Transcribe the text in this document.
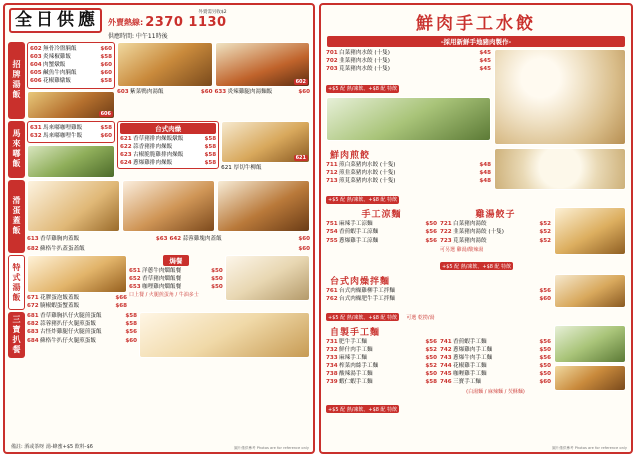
全 日 供 應	外賣需另收$2
外賣熱線: 2370 1130
供應時間: 中午11時後
招牌湯飯
602 無骨冷盤腩飯	$60
603 炎辣椒雞飯	$58
604 肉蟹燉飯	$60
605 鹹魚牛肉腩飯	$60
606 花椒雞燉飯	$58
606
603 紫菜鴨肉湯飯	$60
602
633 炎辣雞腿肉湯麵飯	$60
馬來嘟飯
631 馬來嘟咖哩雞飯	$58
632 馬來嘟咖哩牛飯	$60
台式肉燥
621 香草豬排肉燥飯燉飯	$58
622 蒜香豬排肉燥飯	$58
623 古椒脆脆雞排肉燥飯	$58
624 蔥爆雞排肉燥飯	$58
621
621 厚切牛柳飯
滑蛋蓋飯
613 香草雞胸肉蓋飯	$63 642 蒜蓉雞塊肉蓋飯	$60
682 蘇格牛扒蓋蛋蓋飯	$60
特式湯飯 671 花膠蛋泡飯蓋飯	$66
672 腩椒蝦蛋蟹蓋飯	$68
焗餐
651 洋蔥牛肉燜飯餐	$50
652 香草豬肉燜飯餐	$50
653 咖哩雞肉燜飯餐	$50
口上餐 / 火腿煎蛋角 / 牛油多士
三寶扒餐 681 香草雞胸扒仔火腿煎蛋飯	$58
682 蒜蓉豬扒仔火腿煎蛋飯	$58
683 古怪炸雞腿仔火腿煎蛋飯	$56
684 蘇格牛扒仔火腿煎蛋飯	$60
備註: 酒或茶呀 湯-蜂蜜+$5 飲料-$6	圖片僅供參考 Photos are for reference only
鮮肉手工水餃
-採用新鮮手地豬肉製作-
701 白菜豬肉水餃 (十隻)	$45
702 韭菜豬肉水餃 (十隻)	$45
703 莧菜豬肉水餃 (十隻)	$45
+$5 配 熱/凍飲、+$8 配 特飲
鮮肉煎餃
711 煎白菜豬肉水餃 (十隻)	$48
712 煎韭菜豬肉水餃 (十隻)	$48
713 煎莧菜豬肉水餃 (十隻)	$48
+$5 配 熱/凍飲、+$8 配 特飲
手工涼麵
751 麻辣手工涼麵	$50
754 香煎蝦手工涼麵	$56
755 蔥爆雞手工涼麵	$56
雞湯餃子
721 白菜豬肉湯餃	$52
722 韭菜豬肉湯餃 (十隻)	$52
723 莧菜豬肉湯餃	$52
可另選 雞湯/酸辣湯
+$5 配 熱/凍飲、+$8 配 特飲
台式肉燥拌麵
761 台式肉燥雞柳手工拌麵	$56
762 台式肉燥肥牛手工拌麵	$60
+$5 配 熱/凍飲、+$8 配 特飲 可選 乾撈/湯
自製手工麵
731 肥牛手工麵	$56
732 鮮什肉手工麵	$52
733 麻辣手工麵	$50
734 榨菜肉絲手工麵	$52
738 酸辣湯手工麵	$50
739 蝦仁蝦手工麵	$58
741 香煎蝦手工麵	$56
742 蔥爆雞肉手工麵	$50
743 蔥爆牛肉手工麵	$56
744 花椒雞手工麵	$50
745 咖喱雞手工麵	$50
746 三寶手工麵	$60
(白湯麵 / 麻辣麵 / 芡酥麵)
+$5 配 熱/凍飲、+$8 配 特飲
圖片僅供參考 Photos are for reference only
